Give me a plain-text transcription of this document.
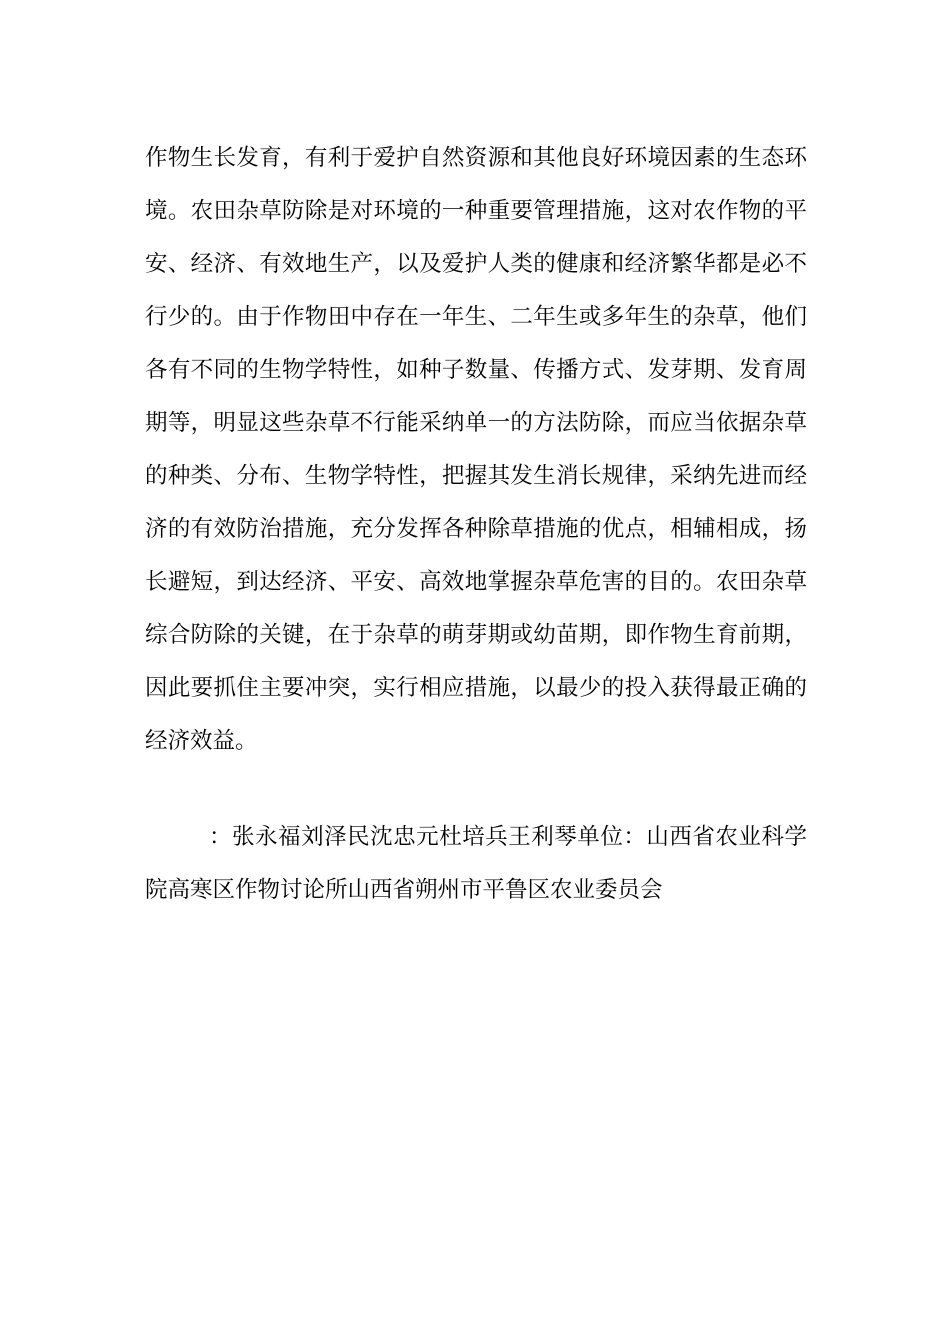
作物生长发育，有利于爱护自然资源和其他良好环境因素的生态环
境。农田杂草防除是对环境的一种重要管理措施，这对农作物的平
安、经济、有效地生产，以及爱护人类的健康和经济繁华都是必不
行少的。由于作物田中存在一年生、二年生或多年生的杂草，他们
各有不同的生物学特性，如种子数量、传播方式、发芽期、发育周
期等，明显这些杂草不行能采纳单一的方法防除，而应当依据杂草
的种类、分布、生物学特性，把握其发生消长规律，采纳先进而经
济的有效防治措施，充分发挥各种除草措施的优点，相辅相成，扬
长避短，到达经济、平安、高效地掌握杂草危害的目的。农田杂草
综合防除的关键，在于杂草的萌芽期或幼苗期，即作物生育前期，
因此要抓住主要冲突，实行相应措施，以最少的投入获得最正确的
经济效益。
：张永福刘泽民沈忠元杜培兵王利琴单位：山西省农业科学
院高寒区作物讨论所山西省朔州市平鲁区农业委员会
